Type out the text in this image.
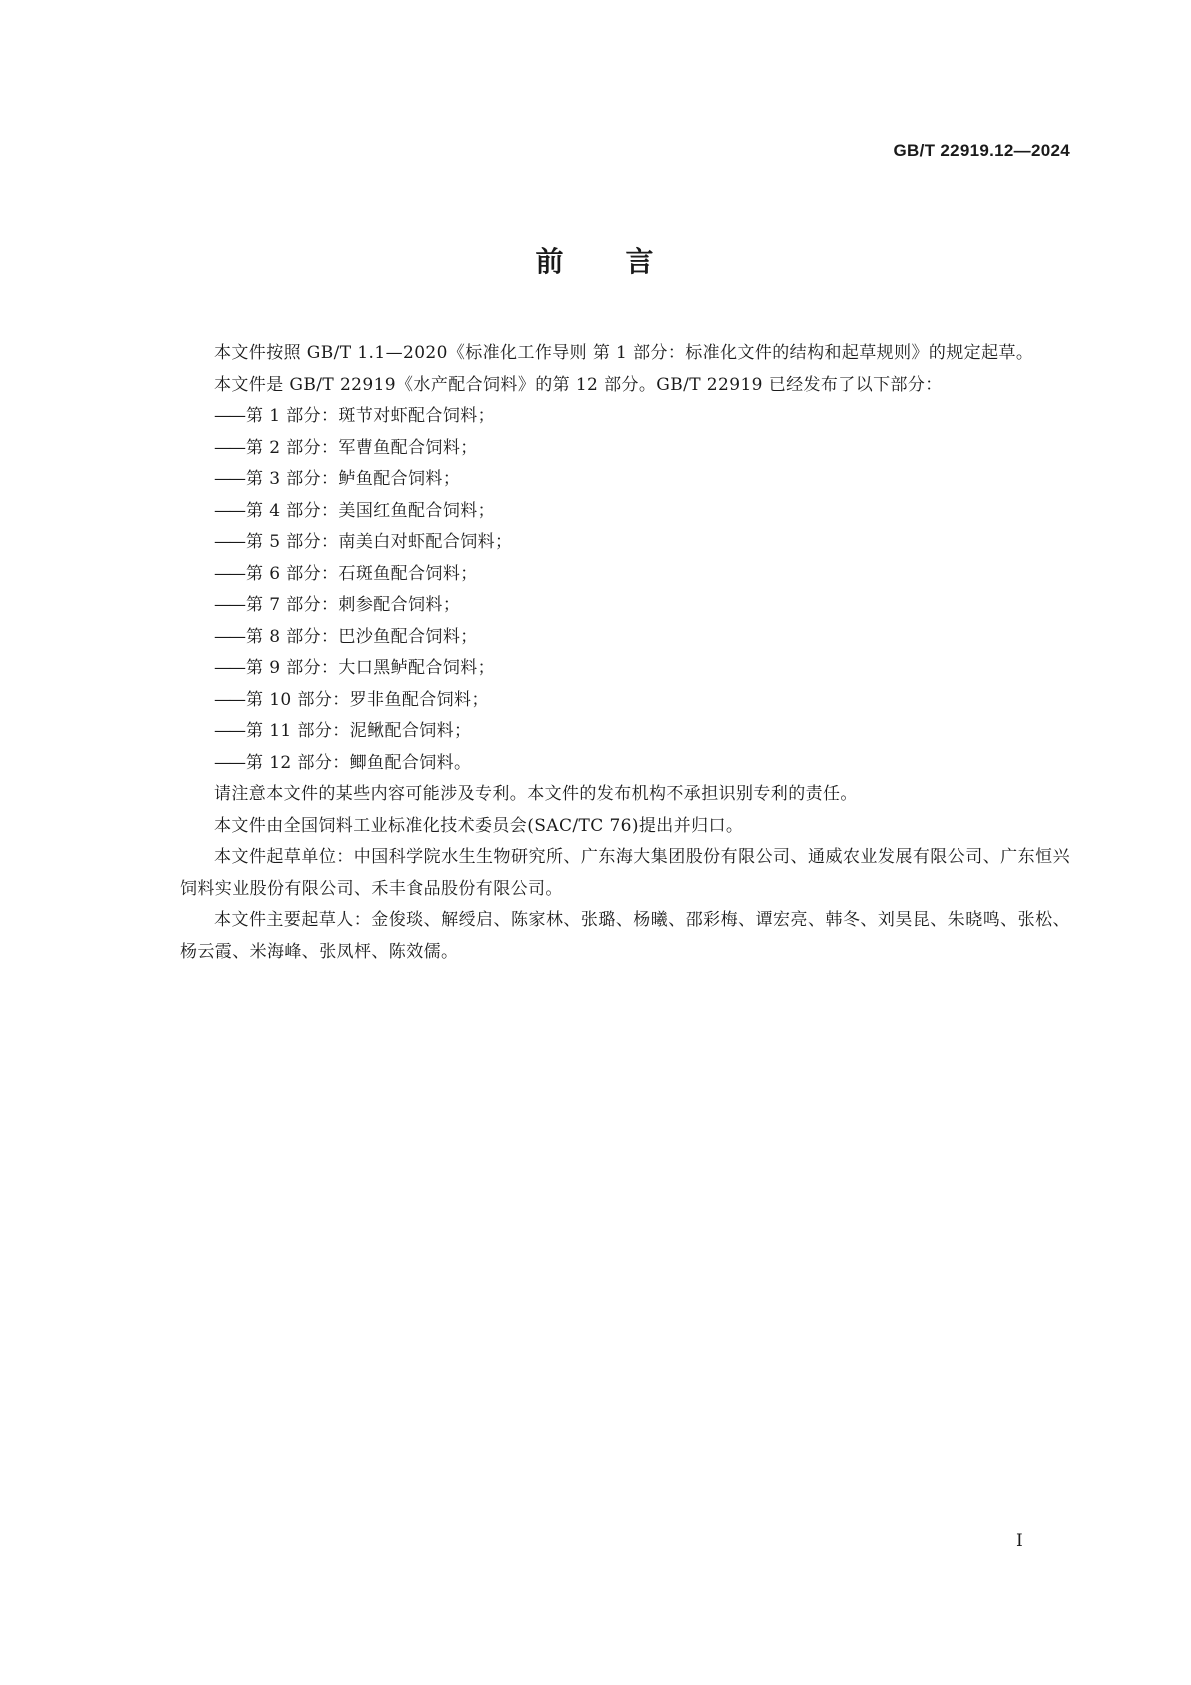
GB/T 22919.12—2024
前 言

本文件按照 GB/T 1.1—2020《标准化工作导则 第 1 部分：标准化文件的结构和起草规则》的规定起草。

本文件是 GB/T 22919《水产配合饲料》的第 12 部分。GB/T 22919 已经发布了以下部分：

—— 第 1 部分：斑节对虾配合饲料；
—— 第 2 部分：军曹鱼配合饲料；
—— 第 3 部分：鲈鱼配合饲料；
—— 第 4 部分：美国红鱼配合饲料；
—— 第 5 部分：南美白对虾配合饲料；
—— 第 6 部分：石斑鱼配合饲料；
—— 第 7 部分：刺参配合饲料；
—— 第 8 部分：巴沙鱼配合饲料；
—— 第 9 部分：大口黑鲈配合饲料；
—— 第 10 部分：罗非鱼配合饲料；
—— 第 11 部分：泥鳅配合饲料；
—— 第 12 部分：鲫鱼配合饲料。

请注意本文件的某些内容可能涉及专利。本文件的发布机构不承担识别专利的责任。

本文件由全国饲料工业标准化技术委员会(SAC/TC 76)提出并归口。

本文件起草单位：中国科学院水生生物研究所、广东海大集团股份有限公司、通威农业发展有限公司、广东恒兴饲料实业股份有限公司、禾丰食品股份有限公司。

本文件主要起草人：金俊琰、解绶启、陈家林、张璐、杨曦、邵彩梅、谭宏亮、韩冬、刘昊昆、朱晓鸣、张松、杨云霞、米海峰、张凤枰、陈效儒。

I
